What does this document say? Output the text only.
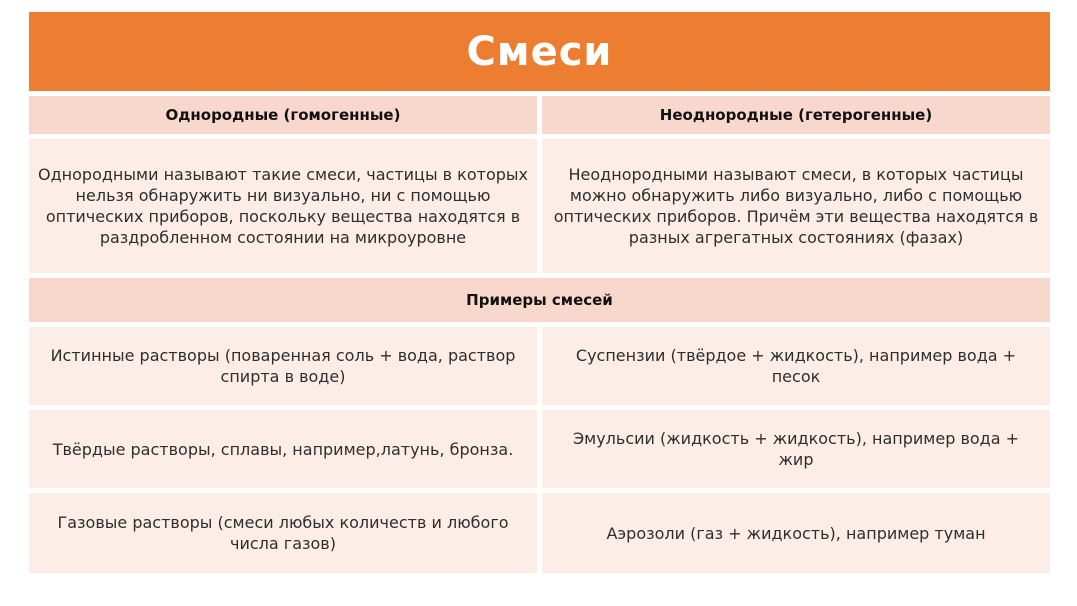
Смеси
Однородные (гомогенные)	Неоднородные (гетерогенные)
Однородными называют такие смеси, частицы в которых нельзя обнаружить ни визуально, ни с помощью оптических приборов, поскольку вещества находятся в раздробленном состоянии на микроуровне
Неоднородными называют смеси, в которых частицы можно обнаружить либо визуально, либо с помощью оптических приборов. Причём эти вещества находятся в разных агрегатных состояниях (фазах)
Примеры смесей
Истинные растворы (поваренная соль + вода, раствор спирта в воде)
Суспензии (твёрдое + жидкость), например вода + песок
Твёрдые растворы, сплавы, например,латунь, бронза.
Эмульсии (жидкость + жидкость), например вода + жир
Газовые растворы (смеси любых количеств и любого числа газов)
Аэрозоли (газ + жидкость), например туман
